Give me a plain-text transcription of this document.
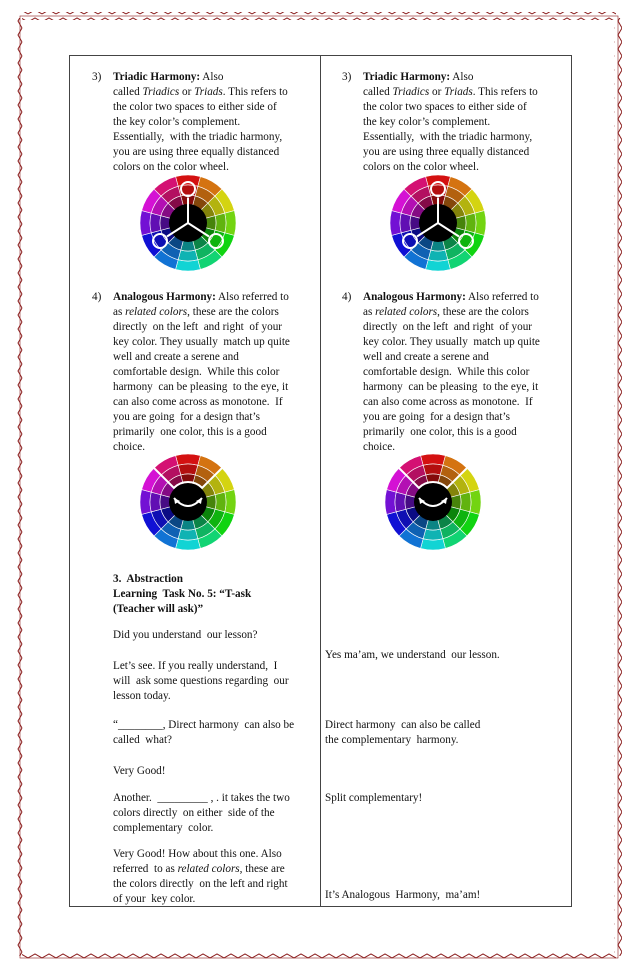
3) Triadic Harmony: Also
called Triadics or Triads. This refers to
the color two spaces to either side of
the key color’s complement.
Essentially,  with the triadic harmony,
you are using three equally distanced
colors on the color wheel.
3) Triadic Harmony: Also
called Triadics or Triads. This refers to
the color two spaces to either side of
the key color’s complement.
Essentially,  with the triadic harmony,
you are using three equally distanced
colors on the color wheel.
4) Analogous Harmony: Also referred to
as related colors, these are the colors
directly  on the left  and right  of your
key color. They usually  match up quite
well and create a serene and
comfortable design.  While this color
harmony  can be pleasing  to the eye, it
can also come across as monotone.  If
you are going  for a design that’s
primarily  one color, this is a good
choice.
4) Analogous Harmony: Also referred to
as related colors, these are the colors
directly  on the left  and right  of your
key color. They usually  match up quite
well and create a serene and
comfortable design.  While this color
harmony  can be pleasing  to the eye, it
can also come across as monotone.  If
you are going  for a design that’s
primarily  one color, this is a good
choice.
3.  Abstraction
Learning  Task No. 5: “T-ask
(Teacher will ask)”
Did you understand  our lesson?
Let’s see. If you really understand,  I
will  ask some questions regarding  our
lesson today.
“________, Direct harmony  can also be
called  what?
Very Good!
Another.  _________ , . it takes the two
colors directly  on either  side of the
complementary  color.
Very Good! How about this one. Also
referred  to as related colors, these are
the colors directly  on the left and right
of your  key color.
Yes ma’am, we understand  our lesson.
Direct harmony  can also be called
the complementary  harmony.
Split complementary!
It’s Analogous  Harmony,  ma’am!
